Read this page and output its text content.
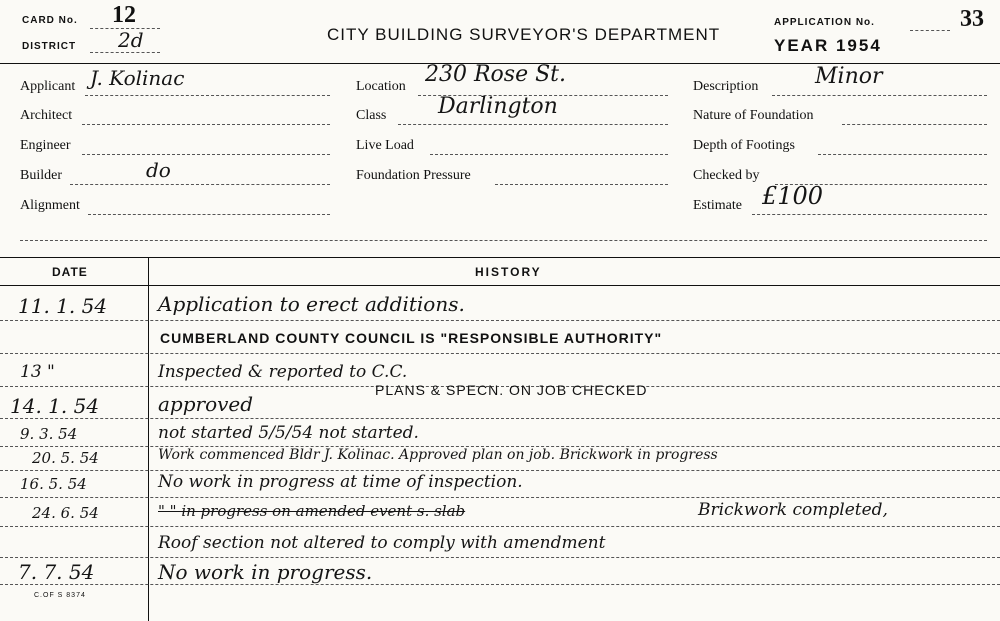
CARD No. 12
DISTRICT 2d	CITY BUILDING SURVEYOR'S DEPARTMENT
APPLICATION No.
YEAR 1954
33
Applicant J. Kolinac
Architect
Engineer
Builder	do
Alignment
Location 230 Rose St.
Class Darlington
Live Load
Foundation Pressure
Description	Minor
Nature of Foundation
Depth of Footings
Checked by
Estimate £100
DATE	HISTORY
11. 1. 54	Application to erect additions.
CUMBERLAND COUNTY COUNCIL IS "RESPONSIBLE AUTHORITY"
13 "	Inspected & reported to C.C.
14. 1. 54	approved
PLANS & SPECN. ON JOB CHECKED
9. 3. 54	not started 5/5/54 not started.
20. 5. 54	Work commenced Bldr J. Kolinac. Approved plan on job. Brickwork in progress
16. 5. 54	No work in progress at time of inspection.
24. 6. 54	" " in progress on amended event s. slab	Brickwork completed,
Roof section not altered to comply with amendment
7. 7. 54	No work in progress.
C.OF S 8374
